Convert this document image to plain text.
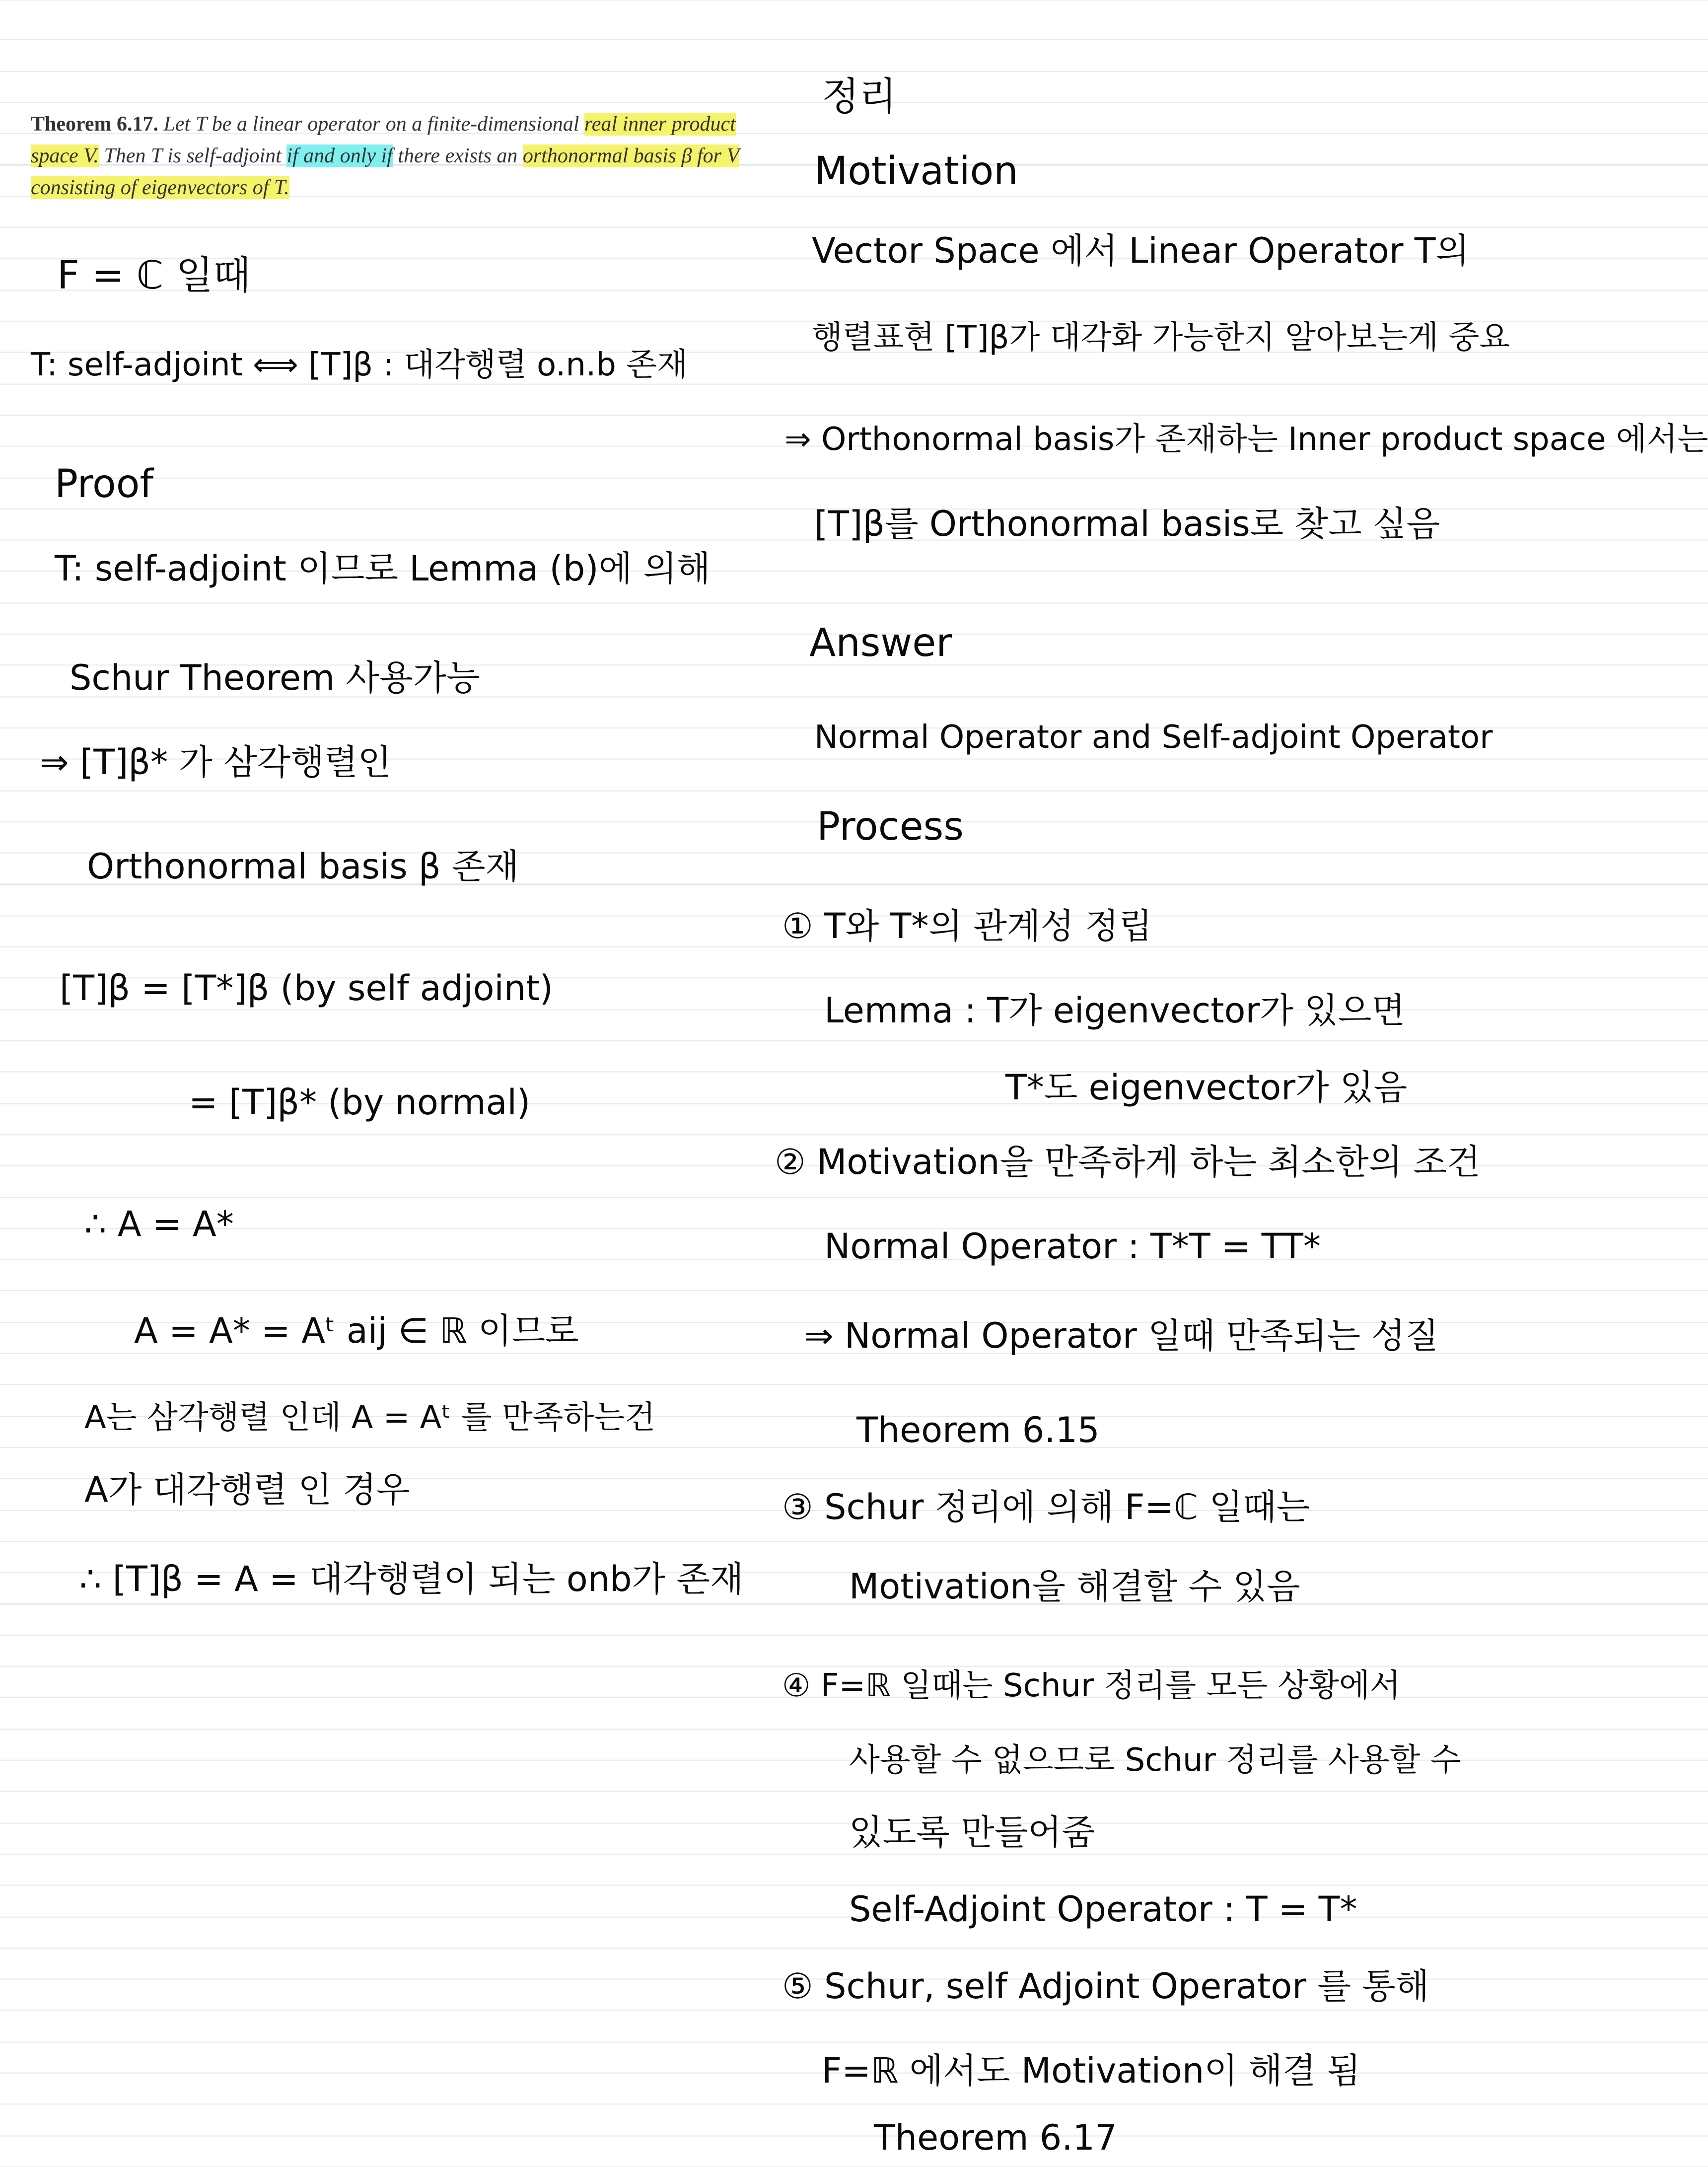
Theorem 6.17. Let T be a linear operator on a finite-dimensional real inner product space V. Then T is self-adjoint if and only if there exists an orthonormal basis β for V consisting of eigenvectors of T.
F = ℂ 일때
T: self-adjoint ⟺ [T]β : 대각행렬 o.n.b 존재
Proof
T: self-adjoint 이므로 Lemma (b)에 의해
Schur Theorem 사용가능
⇒ [T]β* 가 삼각행렬인
Orthonormal basis β 존재
[T]β = [T*]β (by self adjoint)
= [T]β* (by normal)
∴ A = A*
A = A* = Aᵗ aij ∈ ℝ 이므로
A는 삼각행렬 인데 A = Aᵗ 를 만족하는건
A가 대각행렬 인 경우
∴ [T]β = A = 대각행렬이 되는 onb가 존재
정리
Motivation
Vector Space 에서 Linear Operator T의
행렬표현 [T]β가 대각화 가능한지 알아보는게 중요
⇒ Orthonormal basis가 존재하는 Inner product space 에서는
[T]β를 Orthonormal basis로 찾고 싶음
Answer
Normal Operator and Self-adjoint Operator
Process
① T와 T*의 관계성 정립
Lemma : T가 eigenvector가 있으면
T*도 eigenvector가 있음
② Motivation을 만족하게 하는 최소한의 조건
Normal Operator : T*T = TT*
⇒ Normal Operator 일때 만족되는 성질
Theorem 6.15
③ Schur 정리에 의해 F=ℂ 일때는
Motivation을 해결할 수 있음
④ F=ℝ 일때는 Schur 정리를 모든 상황에서
사용할 수 없으므로 Schur 정리를 사용할 수
있도록 만들어줌
Self-Adjoint Operator : T = T*
⑤ Schur, self Adjoint Operator 를 통해
F=ℝ 에서도 Motivation이 해결 됨
Theorem 6.17
